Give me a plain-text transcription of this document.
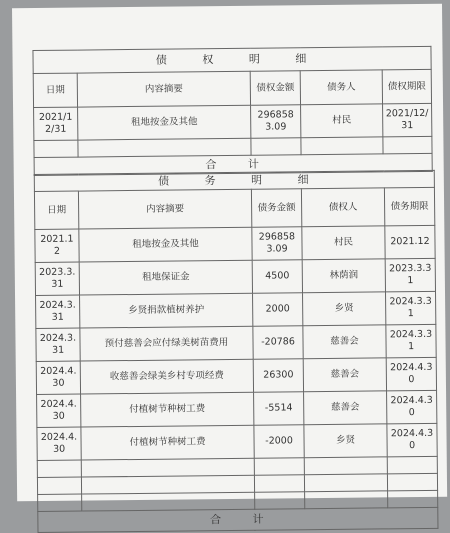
债 权 明 细				
日期	内容摘要	债权金额	债务人	债权期限
2021/12/31	租地按金及其他	2968583.09	村民	2021/12/31

合 计				
债 务 明 细				
日期	内容摘要	债务金额	债权人	债务期限
2021.12	租地按金及其他	2968583.09	村民	2021.12
2023.3.31	租地保证金	4500	林荫润	2023.3.31
2024.3.31	乡贤捐款植树养护	2000	乡贤	2024.3.31
2024.3.31	预付慈善会应付绿美树苗费用	-20786	慈善会	2024.3.31
2024.4.30	收慈善会绿美乡村专项经费	26300	慈善会	2024.4.30
2024.4.30	付植树节种树工费	-5514	慈善会	2024.4.30
2024.4.30	付植树节种树工费	-2000	乡贤	2024.4.30

合 计				
